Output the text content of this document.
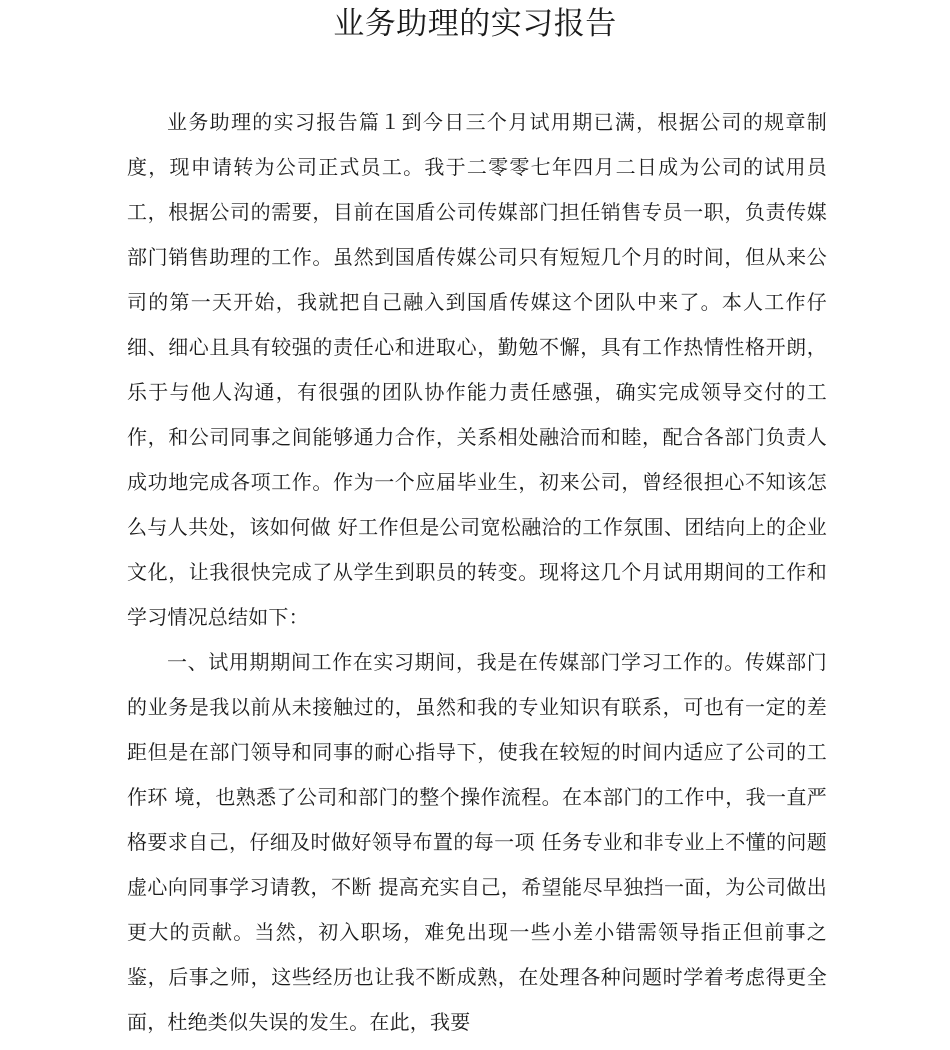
业务助理的实习报告

业务助理的实习报告篇１到今日三个月试用期已满，根据公司的规章制度，现申请转为公司正式员工。我于二零零七年四月二日成为公司的试用员工，根据公司的需要，目前在国盾公司传媒部门担任销售专员一职，负责传媒部门销售助理的工作。虽然到国盾传媒公司只有短短几个月的时间，但从来公司的第一天开始，我就把自己融入到国盾传媒这个团队中来了。本人工作仔细、细心且具有较强的责任心和进取心，勤勉不懈，具有工作热情性格开朗，乐于与他人沟通，有很强的团队协作能力责任感强，确实完成领导交付的工作，和公司同事之间能够通力合作，关系相处融洽而和睦，配合各部门负责人成功地完成各项工作。作为一个应届毕业生，初来公司，曾经很担心不知该怎么与人共处，该如何做 好工作但是公司宽松融洽的工作氛围、团结向上的企业文化，让我很快完成了从学生到职员的转变。现将这几个月试用期间的工作和学习情况总结如下：

一、试用期期间工作在实习期间，我是在传媒部门学习工作的。传媒部门的业务是我以前从未接触过的，虽然和我的专业知识有联系，可也有一定的差距但是在部门领导和同事的耐心指导下，使我在较短的时间内适应了公司的工作环 境，也熟悉了公司和部门的整个操作流程。在本部门的工作中，我一直严格要求自己，仔细及时做好领导布置的每一项 任务专业和非专业上不懂的问题虚心向同事学习请教，不断 提高充实自己，希望能尽早独挡一面，为公司做出更大的贡献。当然，初入职场，难免出现一些小差小错需领导指正但前事之鉴，后事之师，这些经历也让我不断成熟，在处理各种问题时学着考虑得更全面，杜绝类似失误的发生。在此，我要
